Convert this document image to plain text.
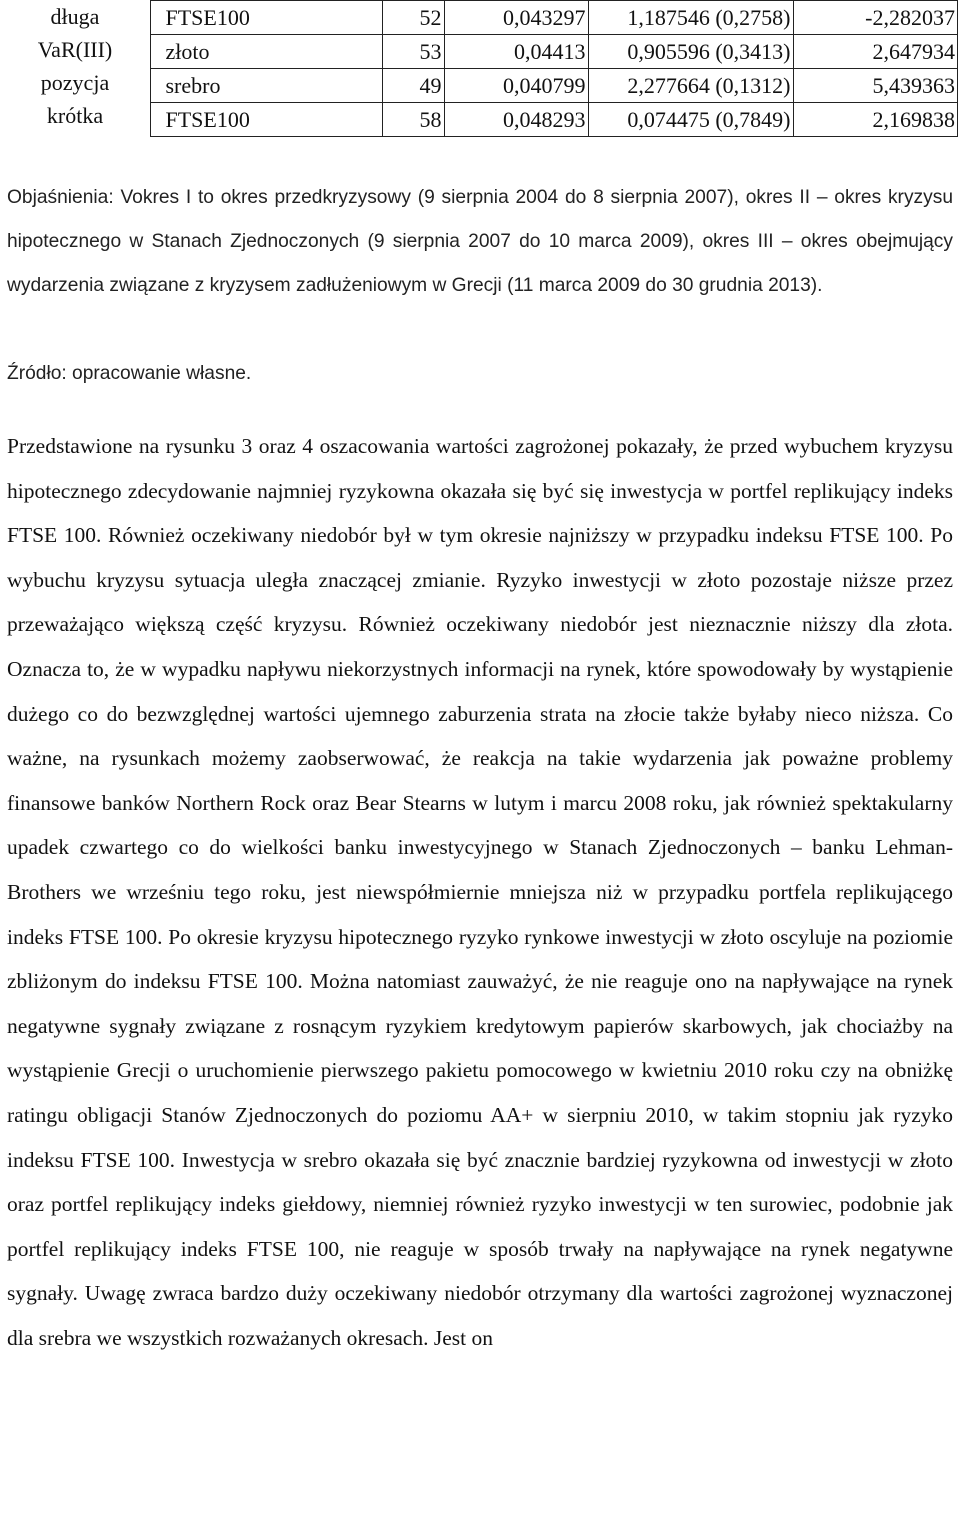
długa
VaR(III)
pozycja
krótka
	FTSE100	52	0,043297	1,187546 (0,2758)	-2,282037
	złoto	53	0,04413	0,905596 (0,3413)	2,647934
	srebro	49	0,040799	2,277664 (0,1312)	5,439363
	FTSE100	58	0,048293	0,074475 (0,7849)	2,169838

Objaśnienia: Vokres I to okres przedkryzysowy (9 sierpnia 2004 do 8 sierpnia 2007), okres II – okres kryzysu hipotecznego w Stanach Zjednoczonych (9 sierpnia 2007 do 10 marca 2009), okres III – okres obejmujący wydarzenia związane z kryzysem zadłużeniowym w Grecji (11 marca 2009 do 30 grudnia 2013).

Źródło: opracowanie własne.

Przedstawione na rysunku 3 oraz 4 oszacowania wartości zagrożonej pokazały, że przed wybuchem kryzysu hipotecznego zdecydowanie najmniej ryzykowna okazała się być się inwestycja w portfel replikujący indeks FTSE 100. Również oczekiwany niedobór był w tym okresie najniższy w przypadku indeksu FTSE 100. Po wybuchu kryzysu sytuacja uległa znaczącej zmianie. Ryzyko inwestycji w złoto pozostaje niższe przez przeważająco większą część kryzysu. Również oczekiwany niedobór jest nieznacznie niższy dla złota. Oznacza to, że w wypadku napływu niekorzystnych informacji na rynek, które spowodowały by wystąpienie dużego co do bezwzględnej wartości ujemnego zaburzenia strata na złocie także byłaby nieco niższa. Co ważne, na rysunkach możemy zaobserwować, że reakcja na takie wydarzenia jak poważne problemy finansowe banków Northern Rock oraz Bear Stearns w lutym i marcu 2008 roku, jak również spektakularny upadek czwartego co do wielkości banku inwestycyjnego w Stanach Zjednoczonych – banku Lehman-Brothers we wrześniu tego roku, jest niewspółmiernie mniejsza niż w przypadku portfela replikującego indeks FTSE 100. Po okresie kryzysu hipotecznego ryzyko rynkowe inwestycji w złoto oscyluje na poziomie zbliżonym do indeksu FTSE 100. Można natomiast zauważyć, że nie reaguje ono na napływające na rynek negatywne sygnały związane z rosnącym ryzykiem kredytowym papierów skarbowych, jak chociażby na wystąpienie Grecji o uruchomienie pierwszego pakietu pomocowego w kwietniu 2010 roku czy na obniżkę ratingu obligacji Stanów Zjednoczonych do poziomu AA+ w sierpniu 2010, w takim stopniu jak ryzyko indeksu FTSE 100. Inwestycja w srebro okazała się być znacznie bardziej ryzykowna od inwestycji w złoto oraz portfel replikujący indeks giełdowy, niemniej również ryzyko inwestycji w ten surowiec, podobnie jak portfel replikujący indeks FTSE 100, nie reaguje w sposób trwały na napływające na rynek negatywne sygnały. Uwagę zwraca bardzo duży oczekiwany niedobór otrzymany dla wartości zagrożonej wyznaczonej dla srebra we wszystkich rozważanych okresach. Jest on
